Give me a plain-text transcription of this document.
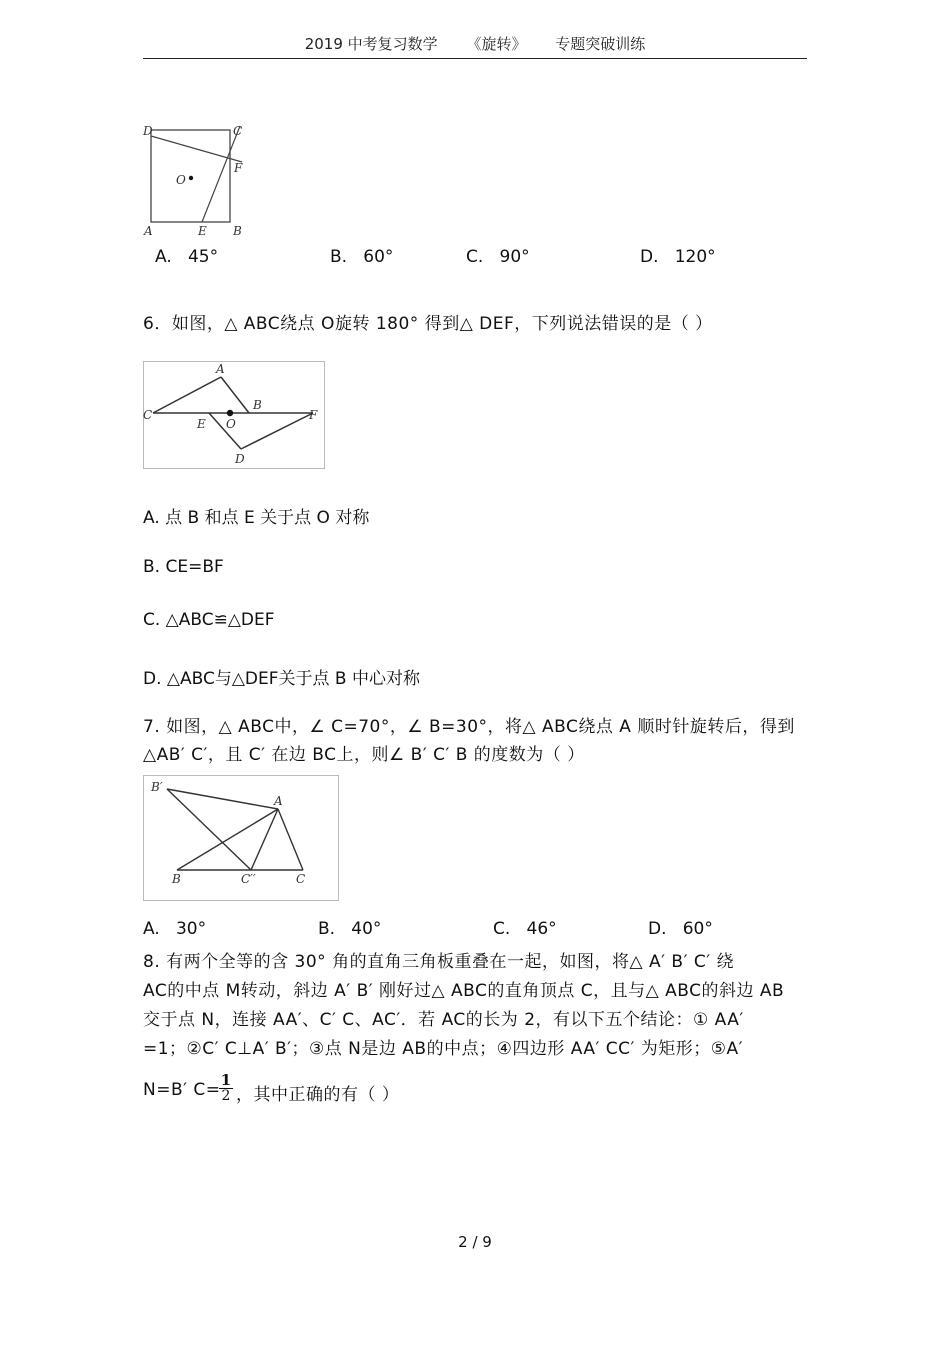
2019 中考复习数学 《旋转》 专题突破训练
D	C
F
O
A	E B
A. 45°	B. 60°	C. 90°	D. 120°
6．如图，△ ABC绕点 O旋转 180° 得到△ DEF，下列说法错误的是（ ）
A
B
C
E O
F
D
A. 点 B 和点 E 关于点 O 对称
B. CE=BF
C. △ABC≌△DEF
D. △ABC与△DEF关于点 B 中心对称
7. 如图，△ ABC中，∠ C=70°，∠ B=30°，将△ ABC绕点 A 顺时针旋转后，得到
△AB′ C′，且 C′ 在边 BC上，则∠ B′ C′ B 的度数为（ ）
B′
A
B	C′′	C
A. 30°	B. 40°	C. 46°	D. 60°
8. 有两个全等的含 30° 角的直角三角板重叠在一起，如图，将△ A′ B′ C′ 绕
AC的中点 M转动，斜边 A′ B′ 刚好过△ ABC的直角顶点 C，且与△ ABC的斜边 AB
交于点 N，连接 AA′、C′ C、AC′．若 AC的长为 2，有以下五个结论：① AA′
=1；②C′ C⊥A′ B′；③点 N是边 AB的中点；④四边形 AA′ CC′ 为矩形；⑤A′
N=B′ C=
$\frac{1}{2}$ ，其中正确的有（ ）
2 / 9
